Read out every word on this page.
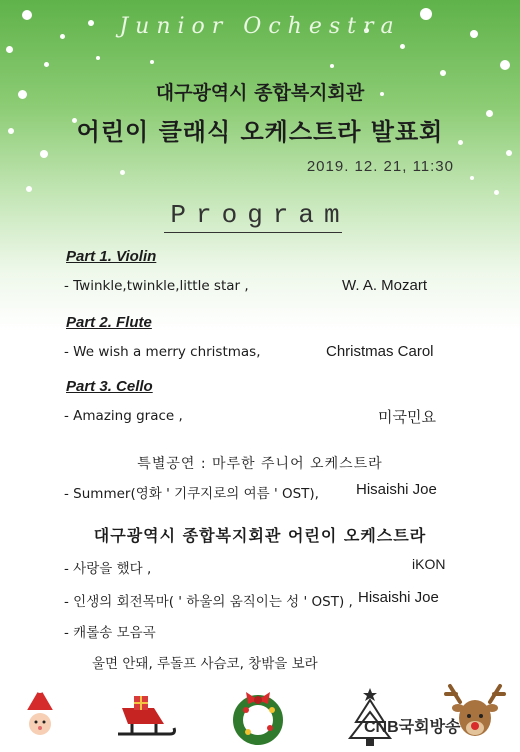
Junior Ochestra
대구광역시 종합복지회관
어린이 클래식 오케스트라 발표회
2019. 12. 21, 11:30
Program
Part 1. Violin
- Twinkle,twinkle,little star ,	W. A. Mozart
Part 2. Flute
- We wish a merry christmas,	Christmas Carol
Part 3. Cello
- Amazing grace ,	미국민요
특별공연 : 마루한 주니어 오케스트라
- Summer(영화 ' 기쿠지로의 여름 ' OST), Hisaishi Joe
대구광역시 종합복지회관 어린이 오케스트라
- 사랑을 했다 ,	iKON
- 인생의 회전목마( ' 하울의 움직이는 성 ' OST) , Hisaishi Joe
- 캐롤송 모음곡
울면 안돼, 루돌프 사슴코, 창밖을 보라
CNB국회방송
